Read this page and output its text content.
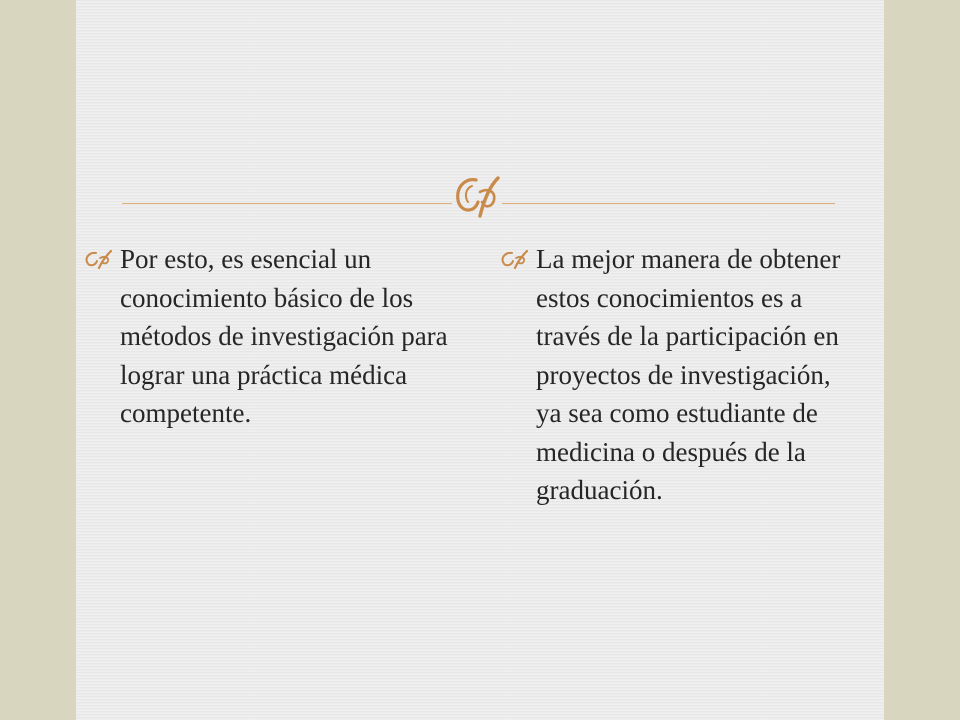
Por esto, es esencial un conocimiento básico de los métodos de investigación para lograr una práctica médica competente.
La mejor manera de obtener estos conocimientos es a través de la participación en proyectos de investigación, ya sea como estudiante de medicina o después de la graduación.
